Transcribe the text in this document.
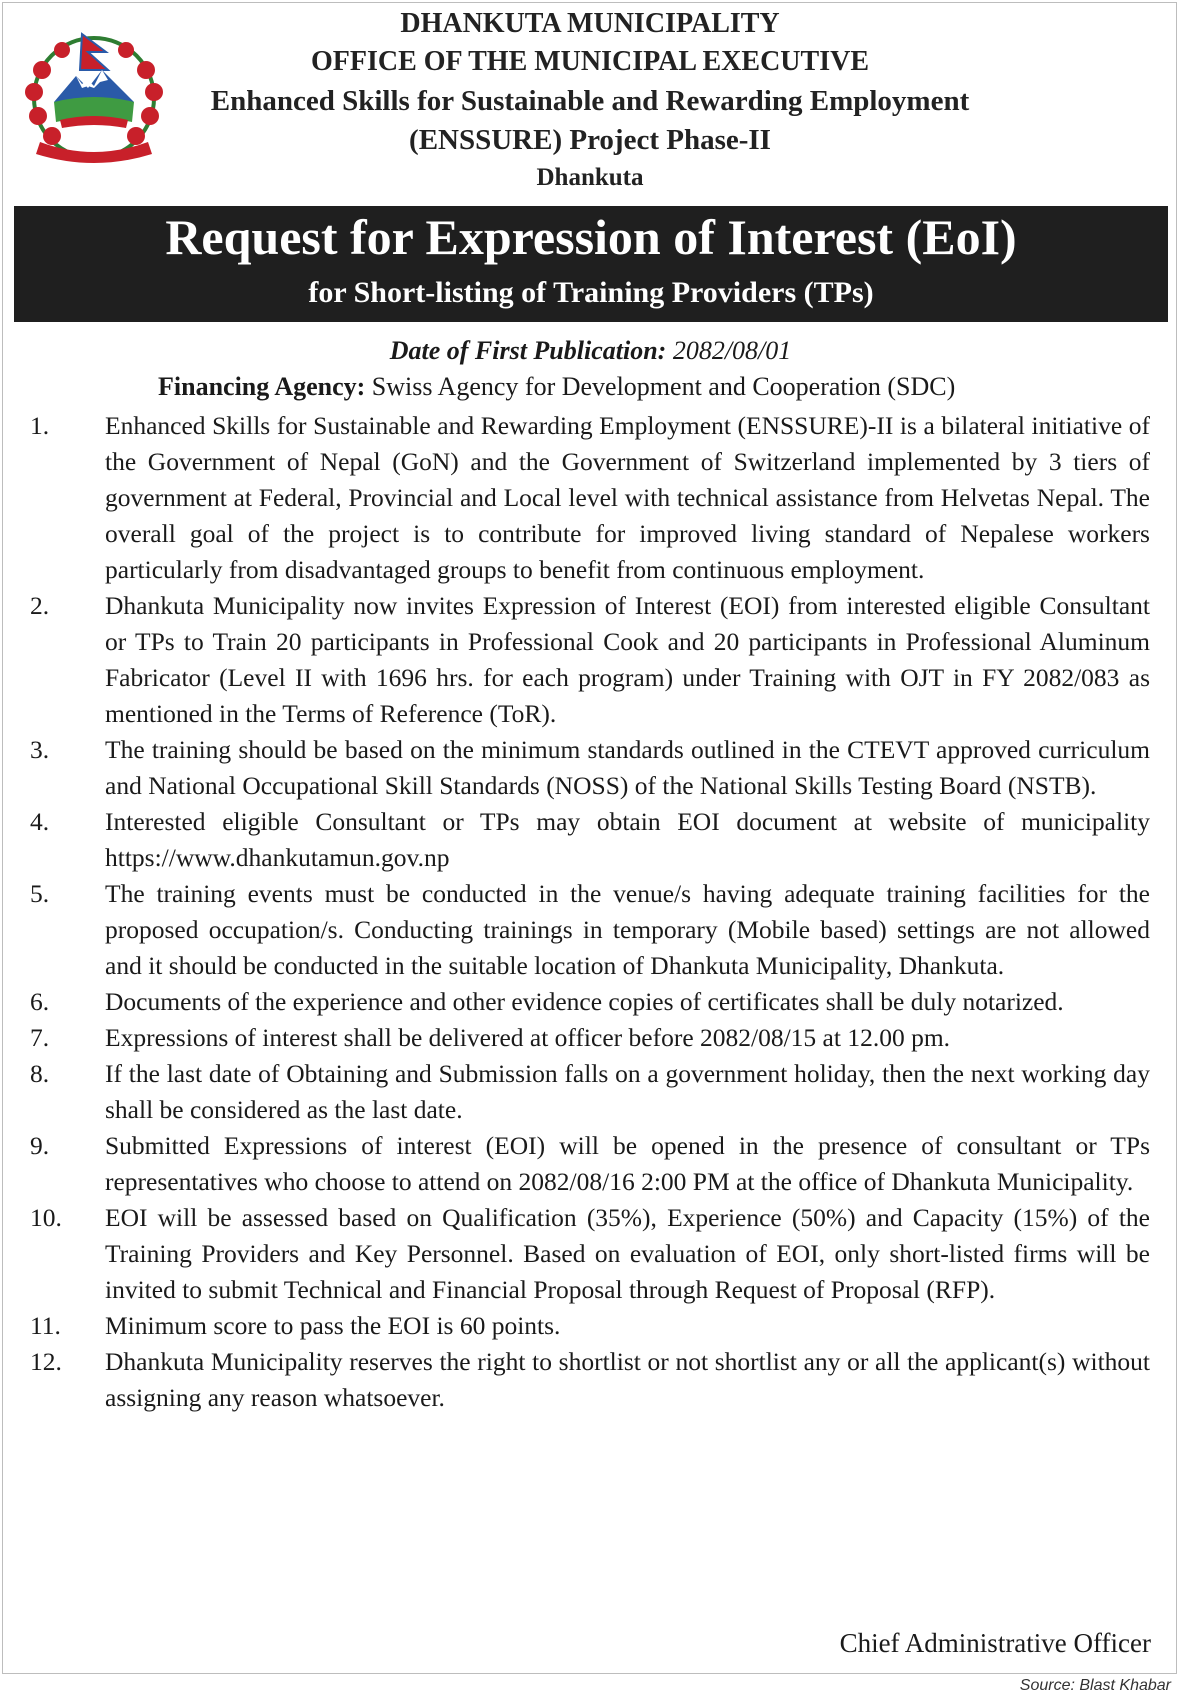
DHANKUTA MUNICIPALITY
OFFICE OF THE MUNICIPAL EXECUTIVE
Enhanced Skills for Sustainable and Rewarding Employment
(ENSSURE) Project Phase-II
Dhankuta
Request for Expression of Interest (EoI)
for Short-listing of Training Providers (TPs)
Date of First Publication: 2082/08/01
Financing Agency: Swiss Agency for Development and Cooperation (SDC)
1. Enhanced Skills for Sustainable and Rewarding Employment (ENSSURE)-II is a bilateral initiative of the Government of Nepal (GoN) and the Government of Switzerland implemented by 3 tiers of government at Federal, Provincial and Local level with technical assistance from Helvetas Nepal. The overall goal of the project is to contribute for improved living standard of Nepalese workers particularly from disadvantaged groups to benefit from continuous employment.
2. Dhankuta Municipality now invites Expression of Interest (EOI) from interested eligible Consultant or TPs to Train 20 participants in Professional Cook and 20 participants in Professional Aluminum Fabricator (Level II with 1696 hrs. for each program) under Training with OJT in FY 2082/083 as mentioned in the Terms of Reference (ToR).
3. The training should be based on the minimum standards outlined in the CTEVT approved curriculum and National Occupational Skill Standards (NOSS) of the National Skills Testing Board (NSTB).
4. Interested eligible Consultant or TPs may obtain EOI document at website of municipality https://www.dhankutamun.gov.np
5. The training events must be conducted in the venue/s having adequate training facilities for the proposed occupation/s. Conducting trainings in temporary (Mobile based) settings are not allowed and it should be conducted in the suitable location of Dhankuta Municipality, Dhankuta.
6. Documents of the experience and other evidence copies of certificates shall be duly notarized.
7. Expressions of interest shall be delivered at officer before 2082/08/15 at 12.00 pm.
8. If the last date of Obtaining and Submission falls on a government holiday, then the next working day shall be considered as the last date.
9. Submitted Expressions of interest (EOI) will be opened in the presence of consultant or TPs representatives who choose to attend on 2082/08/16 2:00 PM at the office of Dhankuta Municipality.
10. EOI will be assessed based on Qualification (35%), Experience (50%) and Capacity (15%) of the Training Providers and Key Personnel. Based on evaluation of EOI, only short-listed firms will be invited to submit Technical and Financial Proposal through Request of Proposal (RFP).
11. Minimum score to pass the EOI is 60 points.
12. Dhankuta Municipality reserves the right to shortlist or not shortlist any or all the applicant(s) without assigning any reason whatsoever.
Chief Administrative Officer
Source: Blast Khabar
